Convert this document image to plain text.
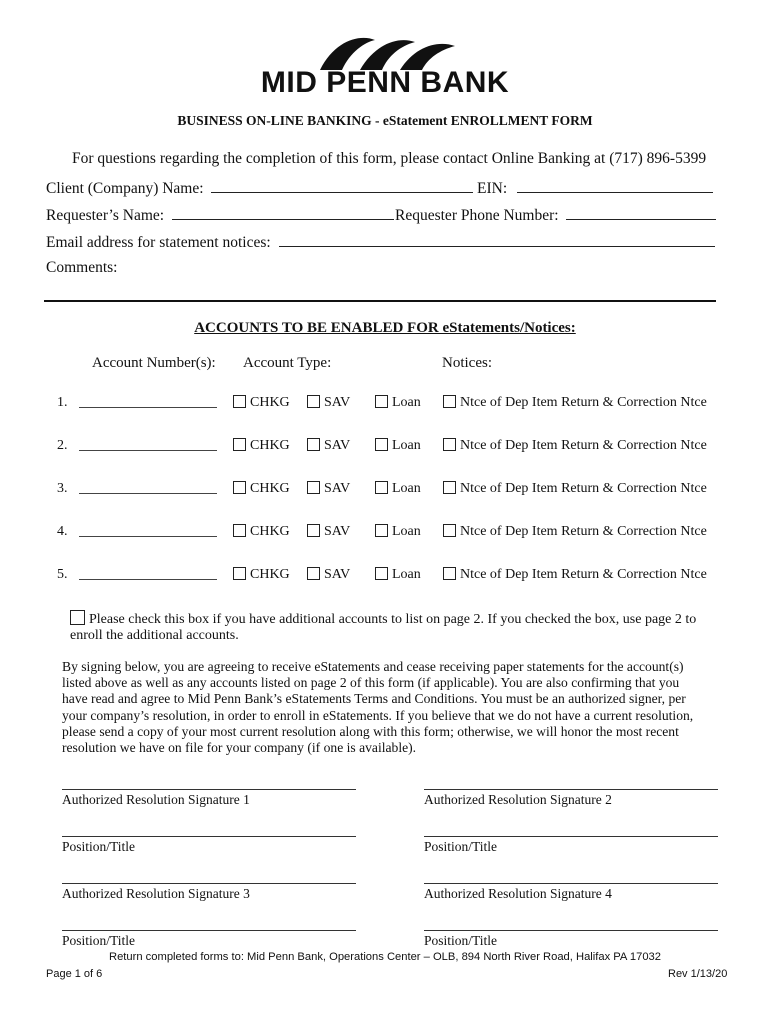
MID PENN BANK
BUSINESS ON-LINE BANKING - eStatement ENROLLMENT FORM
For questions regarding the completion of this form, please contact Online Banking at (717) 896-5399
Client (Company) Name:	EIN:
Requester’s Name:	Requester Phone Number:
Email address for statement notices:
Comments:
ACCOUNTS TO BE ENABLED FOR eStatements/Notices:
Account Number(s): Account Type:	Notices:
1.	CHKG	SAV	Loan	Ntce of Dep Item Return & Correction Ntce
2.	CHKG	SAV	Loan	Ntce of Dep Item Return & Correction Ntce
3.	CHKG	SAV	Loan	Ntce of Dep Item Return & Correction Ntce
4.	CHKG	SAV	Loan	Ntce of Dep Item Return & Correction Ntce
5.	CHKG	SAV	Loan	Ntce of Dep Item Return & Correction Ntce
Please check this box if you have additional accounts to list on page 2. If you checked the box, use page 2 to
enroll the additional accounts.
By signing below, you are agreeing to receive eStatements and cease receiving paper statements for the account(s)
listed above as well as any accounts listed on page 2 of this form (if applicable). You are also confirming that you
have read and agree to Mid Penn Bank’s eStatements Terms and Conditions. You must be an authorized signer, per
your company’s resolution, in order to enroll in eStatements. If you believe that we do not have a current resolution,
please send a copy of your most current resolution along with this form; otherwise, we will honor the most recent
resolution we have on file for your company (if one is available).
Authorized Resolution Signature 1	Authorized Resolution Signature 2
Position/Title	Position/Title
Authorized Resolution Signature 3	Authorized Resolution Signature 4
Position/Title	Position/Title
Return completed forms to: Mid Penn Bank, Operations Center – OLB, 894 North River Road, Halifax PA 17032
Page 1 of 6	Rev 1/13/20
